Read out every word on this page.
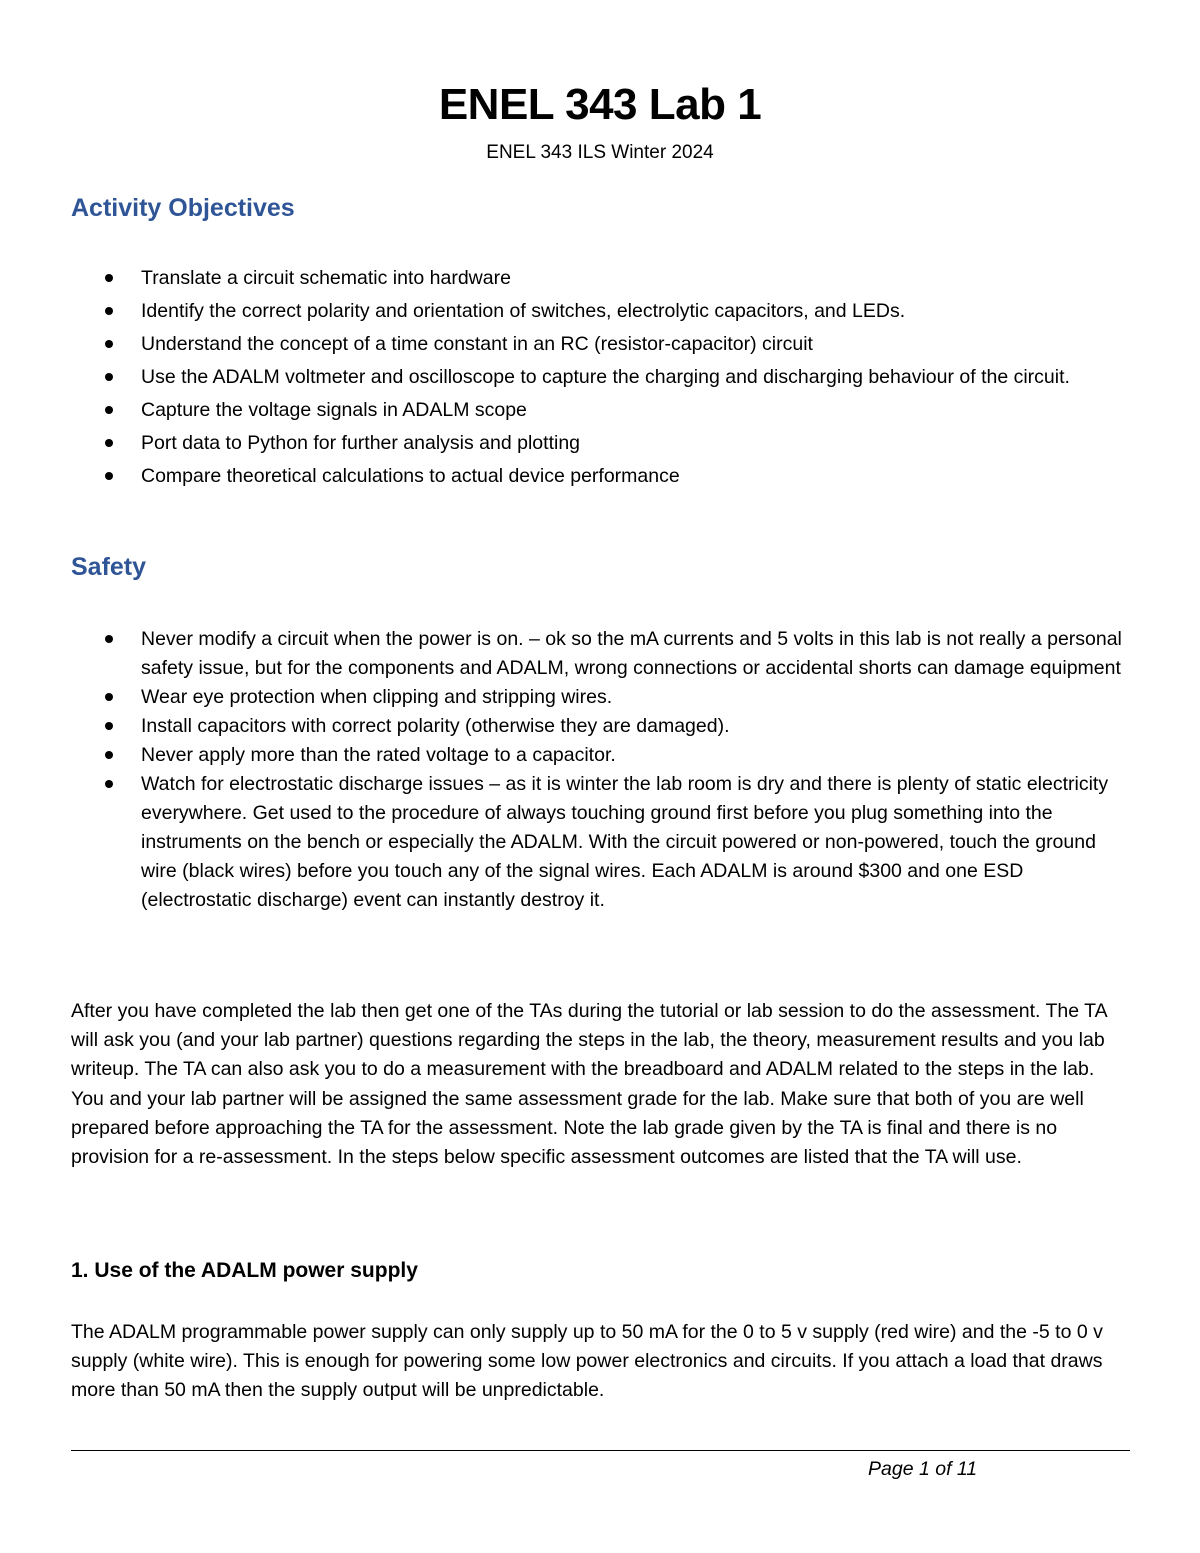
ENEL 343 Lab 1
ENEL 343 ILS Winter 2024
Activity Objectives
Translate a circuit schematic into hardware
Identify the correct polarity and orientation of switches, electrolytic capacitors, and LEDs.
Understand the concept of a time constant in an RC (resistor-capacitor) circuit
Use the ADALM voltmeter and oscilloscope to capture the charging and discharging behaviour of the circuit.
Capture the voltage signals in ADALM scope
Port data to Python for further analysis and plotting
Compare theoretical calculations to actual device performance
Safety
Never modify a circuit when the power is on. – ok so the mA currents and 5 volts in this lab is not really a personal safety issue, but for the components and ADALM, wrong connections or accidental shorts can damage equipment
Wear eye protection when clipping and stripping wires.
Install capacitors with correct polarity (otherwise they are damaged).
Never apply more than the rated voltage to a capacitor.
Watch for electrostatic discharge issues – as it is winter the lab room is dry and there is plenty of static electricity everywhere. Get used to the procedure of always touching ground first before you plug something into the instruments on the bench or especially the ADALM. With the circuit powered or non-powered, touch the ground wire (black wires) before you touch any of the signal wires. Each ADALM is around $300 and one ESD (electrostatic discharge) event can instantly destroy it.
After you have completed the lab then get one of the TAs during the tutorial or lab session to do the assessment. The TA will ask you (and your lab partner) questions regarding the steps in the lab, the theory, measurement results and you lab writeup. The TA can also ask you to do a measurement with the breadboard and ADALM related to the steps in the lab. You and your lab partner will be assigned the same assessment grade for the lab. Make sure that both of you are well prepared before approaching the TA for the assessment. Note the lab grade given by the TA is final and there is no provision for a re-assessment. In the steps below specific assessment outcomes are listed that the TA will use.
1. Use of the ADALM power supply
The ADALM programmable power supply can only supply up to 50 mA for the 0 to 5 v supply (red wire) and the -5 to 0 v supply (white wire). This is enough for powering some low power electronics and circuits. If you attach a load that draws more than 50 mA then the supply output will be unpredictable.
Page 1 of 11
